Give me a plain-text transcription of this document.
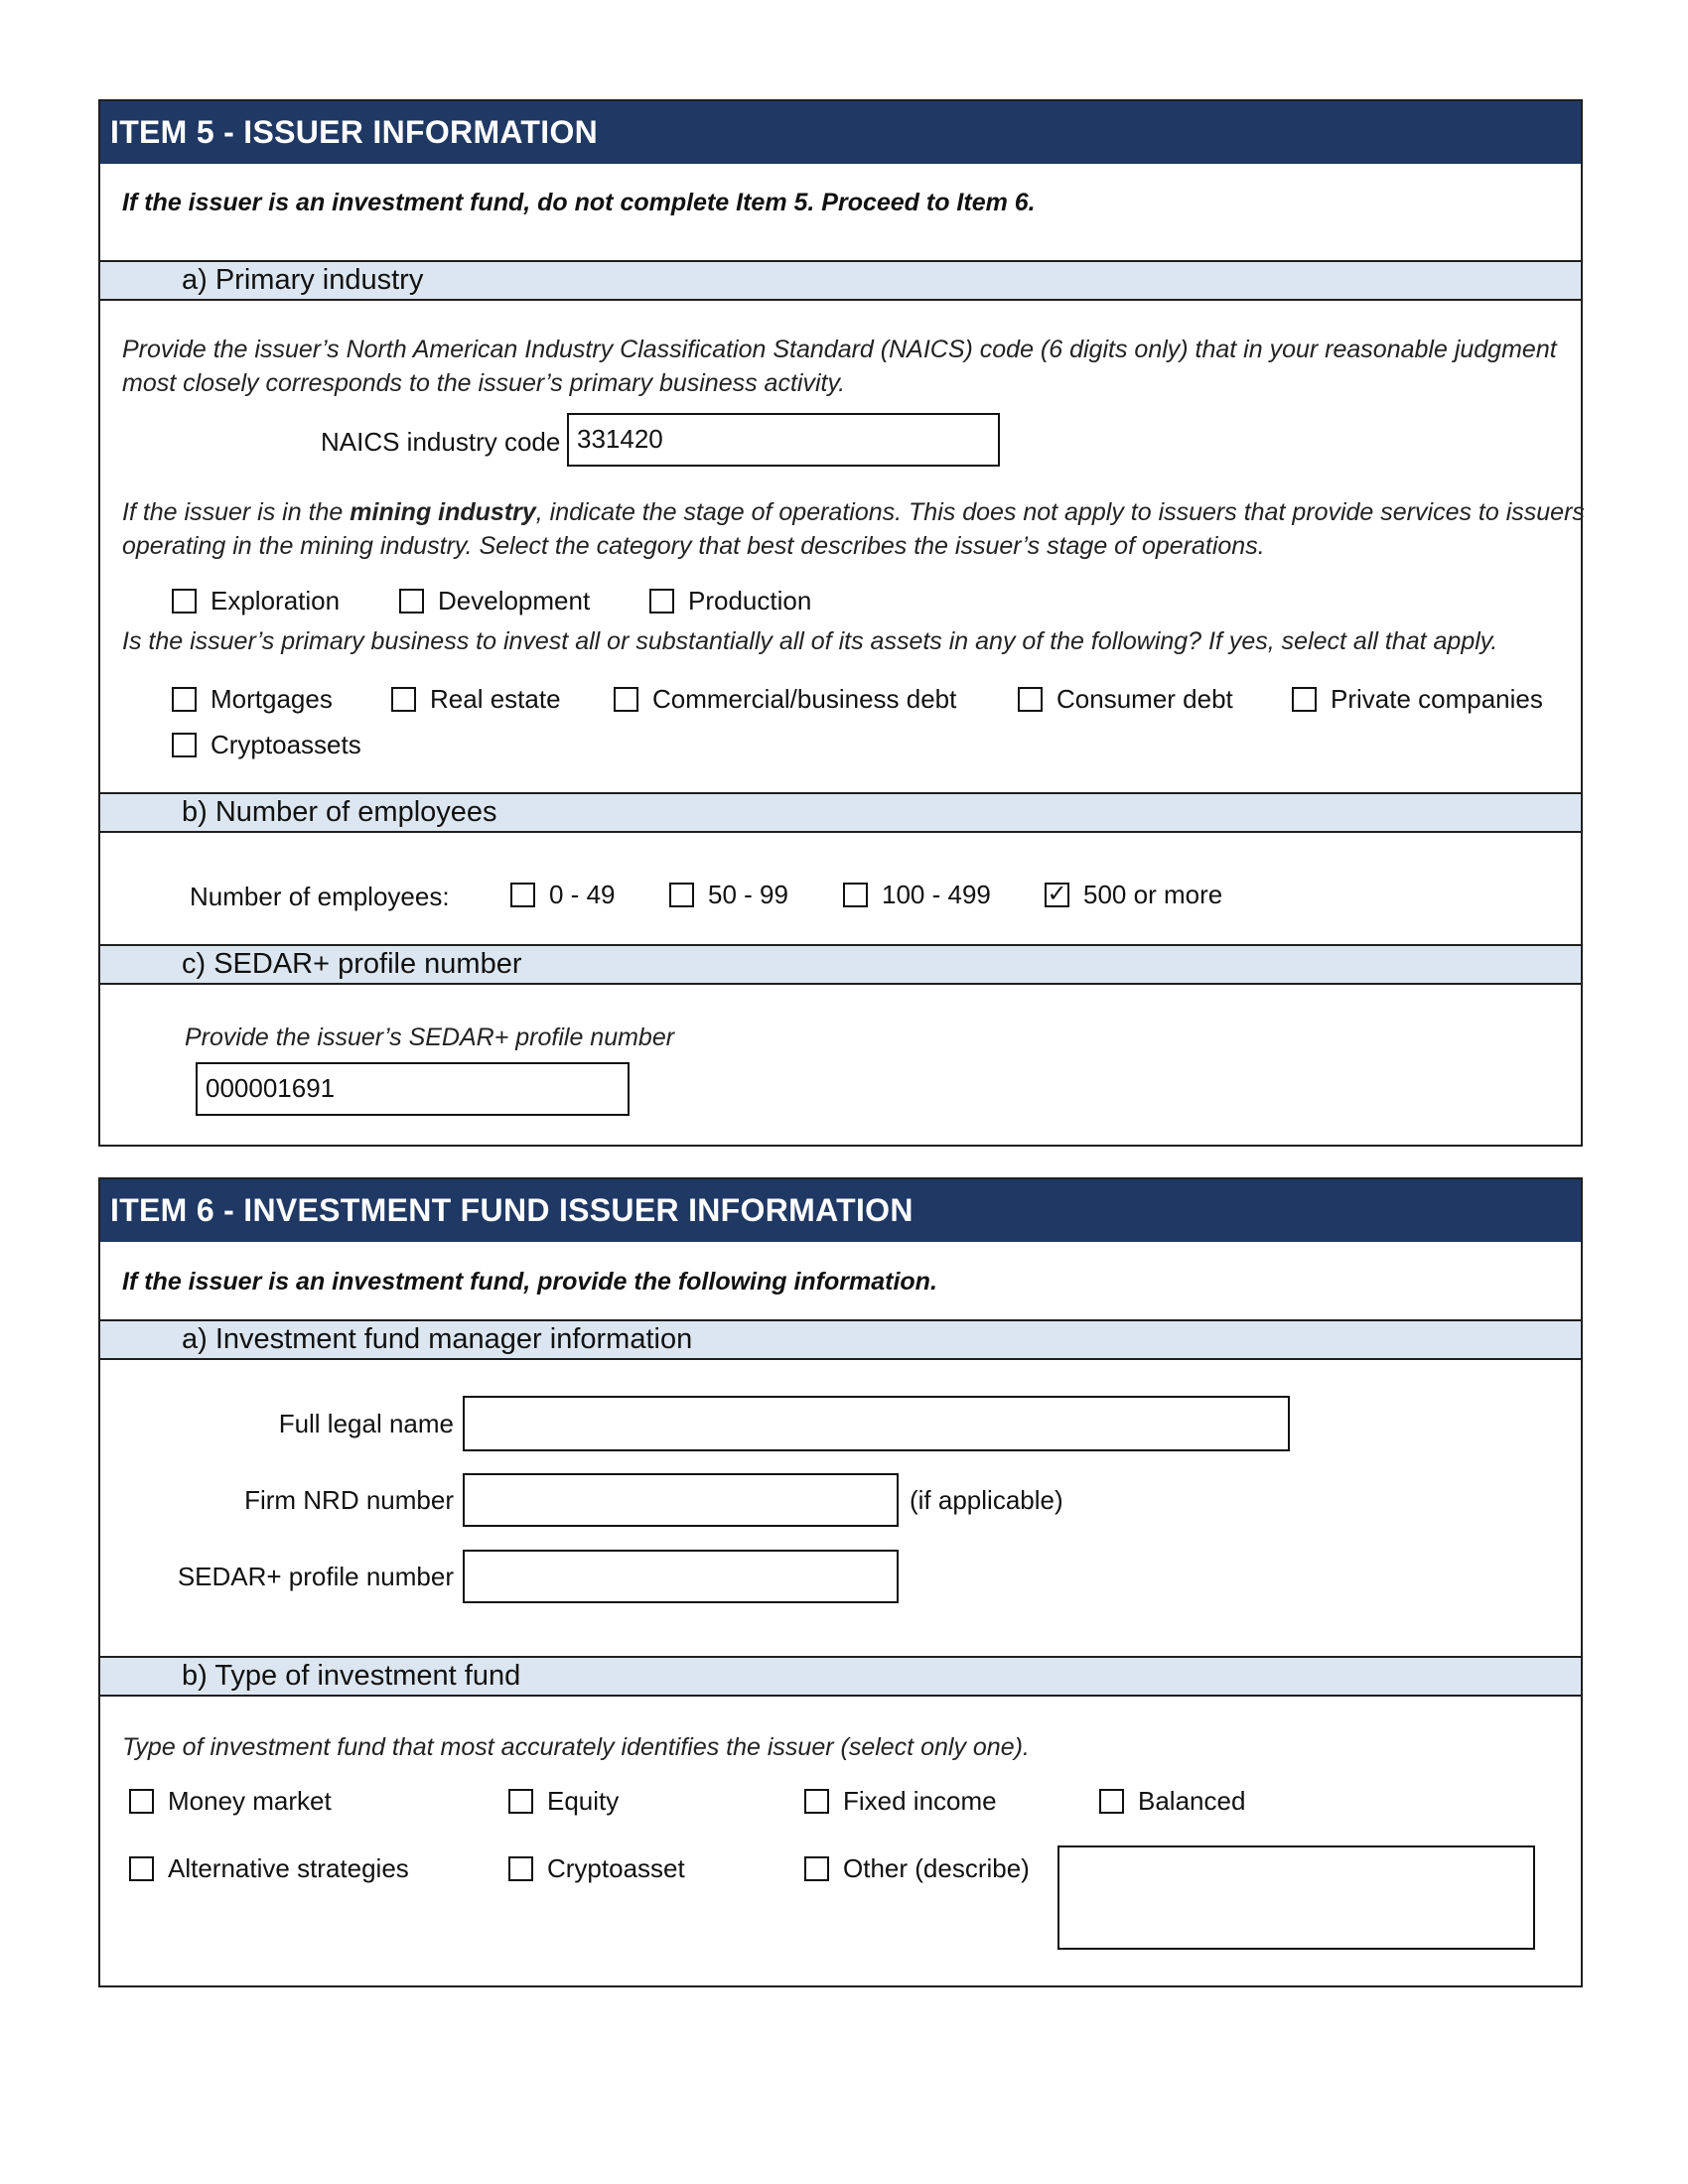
ITEM 5 - ISSUER INFORMATION
If the issuer is an investment fund, do not complete Item 5. Proceed to Item 6.
a) Primary industry
Provide the issuer’s North American Industry Classification Standard (NAICS) code (6 digits only) that in your reasonable judgment
most closely corresponds to the issuer’s primary business activity.
NAICS industry code 331420
If the issuer is in the mining industry, indicate the stage of operations. This does not apply to issuers that provide services to issuers
operating in the mining industry. Select the category that best describes the issuer’s stage of operations.
Exploration	Development	Production
Is the issuer’s primary business to invest all or substantially all of its assets in any of the following? If yes, select all that apply.
Mortgages	Real estate	Commercial/business debt	Consumer debt	Private companies
Cryptoassets
b) Number of employees
Number of employees:	0 - 49	50 - 99	100 - 499 ✓ 500 or more
c) SEDAR+ profile number
Provide the issuer’s SEDAR+ profile number
000001691
ITEM 6 - INVESTMENT FUND ISSUER INFORMATION
If the issuer is an investment fund, provide the following information.
a) Investment fund manager information
Full legal name
Firm NRD number	(if applicable)
SEDAR+ profile number
b) Type of investment fund
Type of investment fund that most accurately identifies the issuer (select only one).
Money market	Equity	Fixed income	Balanced
Alternative strategies	Cryptoasset	Other (describe)
